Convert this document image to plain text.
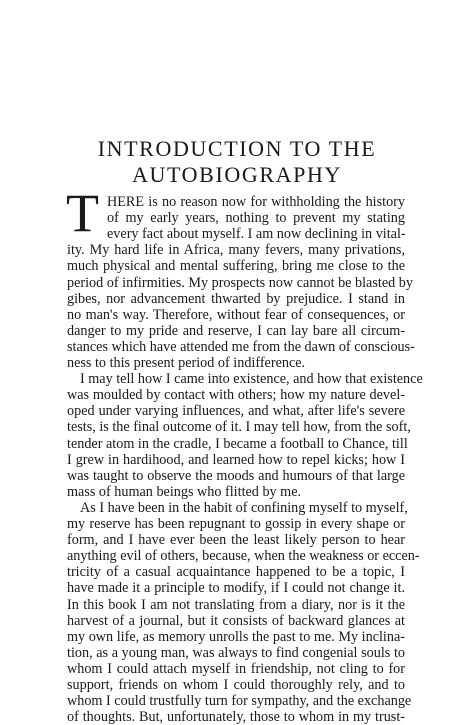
INTRODUCTION TO THE
AUTOBIOGRAPHY
T HERE is no reason now for withholding the history
of my early years, nothing to prevent my stating
every fact about myself. I am now declining in vital-
ity. My hard life in Africa, many fevers, many privations,
much physical and mental suffering, bring me close to the
period of infirmities. My prospects now cannot be blasted by
gibes, nor advancement thwarted by prejudice. I stand in
no man's way. Therefore, without fear of consequences, or
danger to my pride and reserve, I can lay bare all circum-
stances which have attended me from the dawn of conscious-
ness to this present period of indifference.
I may tell how I came into existence, and how that existence
was moulded by contact with others; how my nature devel-
oped under varying influences, and what, after life's severe
tests, is the final outcome of it. I may tell how, from the soft,
tender atom in the cradle, I became a football to Chance, till
I grew in hardihood, and learned how to repel kicks; how I
was taught to observe the moods and humours of that large
mass of human beings who flitted by me.
As I have been in the habit of confining myself to myself,
my reserve has been repugnant to gossip in every shape or
form, and I have ever been the least likely person to hear
anything evil of others, because, when the weakness or eccen-
tricity of a casual acquaintance happened to be a topic, I
have made it a principle to modify, if I could not change it.
In this book I am not translating from a diary, nor is it the
harvest of a journal, but it consists of backward glances at
my own life, as memory unrolls the past to me. My inclina-
tion, as a young man, was always to find congenial souls to
whom I could attach myself in friendship, not cling to for
support, friends on whom I could thoroughly rely, and to
whom I could trustfully turn for sympathy, and the exchange
of thoughts. But, unfortunately, those to whom in my trust-
